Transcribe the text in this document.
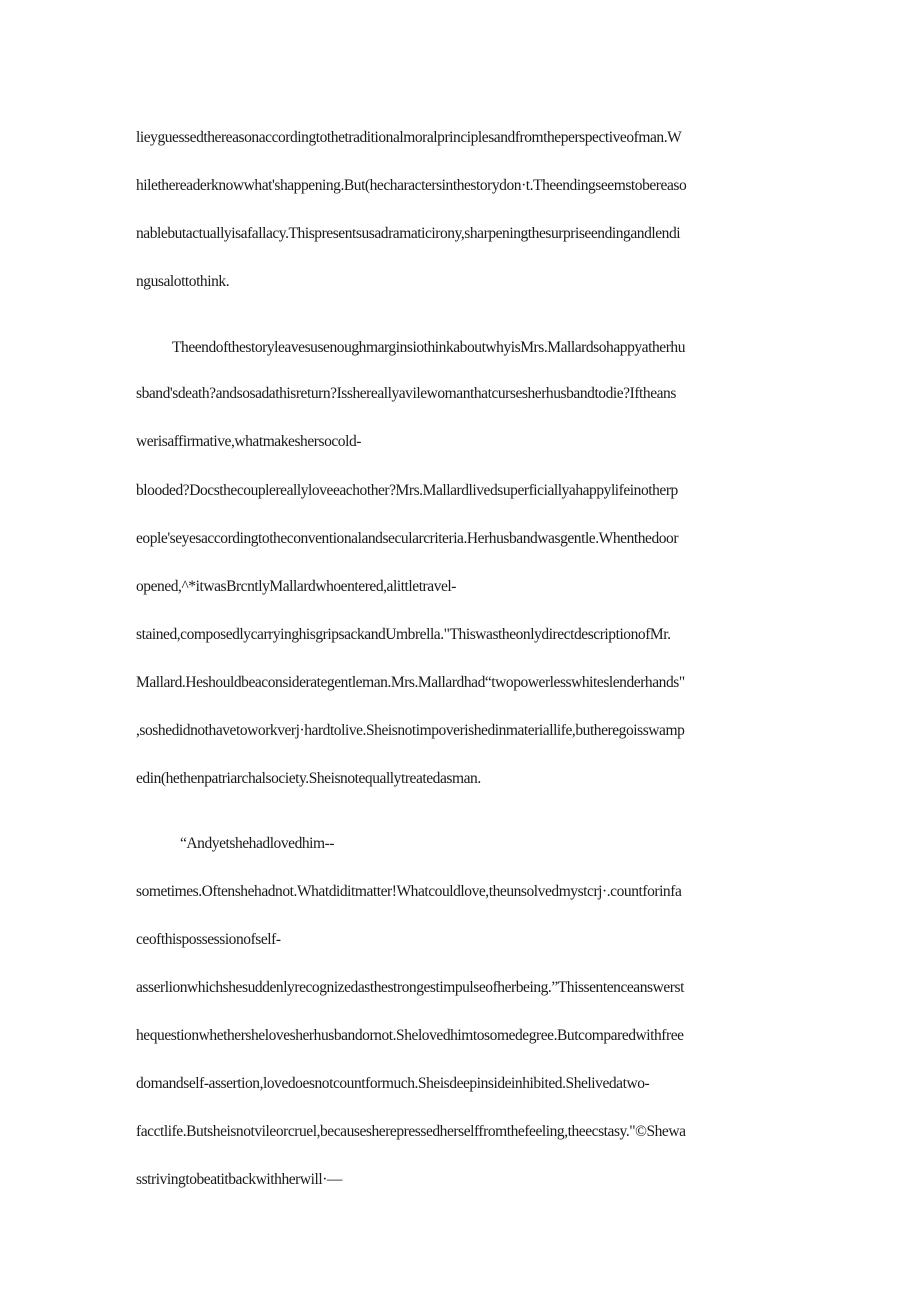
lieyguessedthereasonaccordingtothetraditionalmoralprinciplesandfromtheperspectiveofman.W
hilethereaderknowwhat'shappening.But(hecharactersinthestorydon·t.Theendingseemstobereaso
nablebutactuallyisafallacy.Thispresentsusadramaticirony,sharpeningthesurpriseendingandlendi
ngusalottothink.
TheendofthestoryleavesusenoughmarginsiothinkaboutwhyisMrs.Mallardsohappyatherhu
sband'sdeath?andsosadathisreturn?Isshereallyavilewomanthatcursesherhusbandtodie?Iftheans
werisaffirmative,whatmakeshersocold-
blooded?Docsthecouplereallyloveeachother?Mrs.Mallardlivedsuperficiallyahappylifeinotherp
eople'seyesaccordingtotheconventionalandsecularcriteria.Herhusbandwasgentle.Whenthedoor
opened,^*itwasBrcntlyMallardwhoentered,alittletravel-
stained,composedlycarryinghisgripsackandUmbrella."ThiswastheonlydirectdescriptionofMr.
Mallard.Heshouldbeaconsiderategentleman.Mrs.Mallardhad“twopowerlesswhiteslenderhands"
,soshedidnothavetoworkverj·hardtolive.Sheisnotimpoverishedinmateriallife,butheregoisswamp
edin(hethenpatriarchalsociety.Sheisnotequallytreatedasman.
“Andyetshehadlovedhim--
sometimes.Oftenshehadnot.Whatdiditmatter!Whatcouldlove,theunsolvedmystcrj·.countforinfa
ceofthispossessionofself-
asserlionwhichshesuddenlyrecognizedasthestrongestimpulseofherbeing.”Thissentenceanswerst
hequestionwhethershelovesherhusbandornot.Shelovedhimtosomedegree.Butcomparedwithfree
domandself-assertion,lovedoesnotcountformuch.Sheisdeepinsideinhibited.Shelivedatwo-
facctlife.Butsheisnotvileorcruel,becausesherepressedherselffromthefeeling,theecstasy."©Shewa
sstrivingtobeatitbackwithherwill·—
